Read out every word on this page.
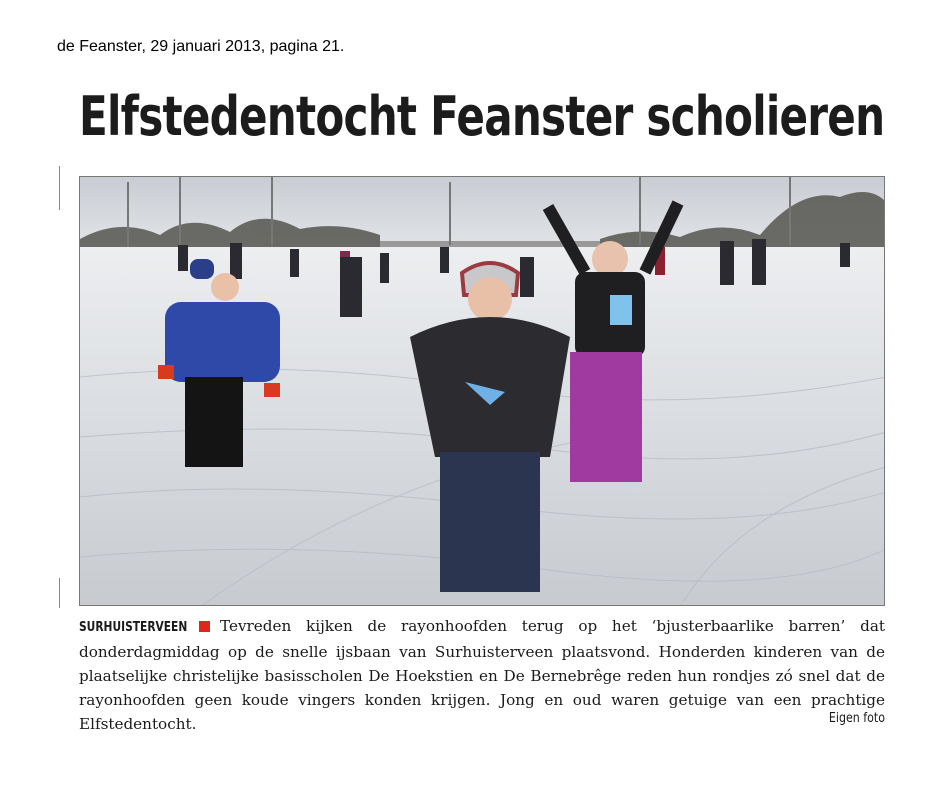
de Feanster, 29 januari 2013, pagina 21.
Elfstedentocht Feanster scholieren

SURHUISTERVEEN Tevreden kijken de rayonhoofden terug op het ‘bjusterbaarlike barren’ dat donderdagmiddag op de snelle ijsbaan van Surhuisterveen plaatsvond. Honderden kinderen van de plaatselijke christelijke basisscholen De Hoekstien en De Bernebrêge reden hun rondjes zó snel dat de rayonhoofden geen koude vingers konden krijgen. Jong en oud waren getuige van een prachtige Elfstedentocht.	Eigen foto
